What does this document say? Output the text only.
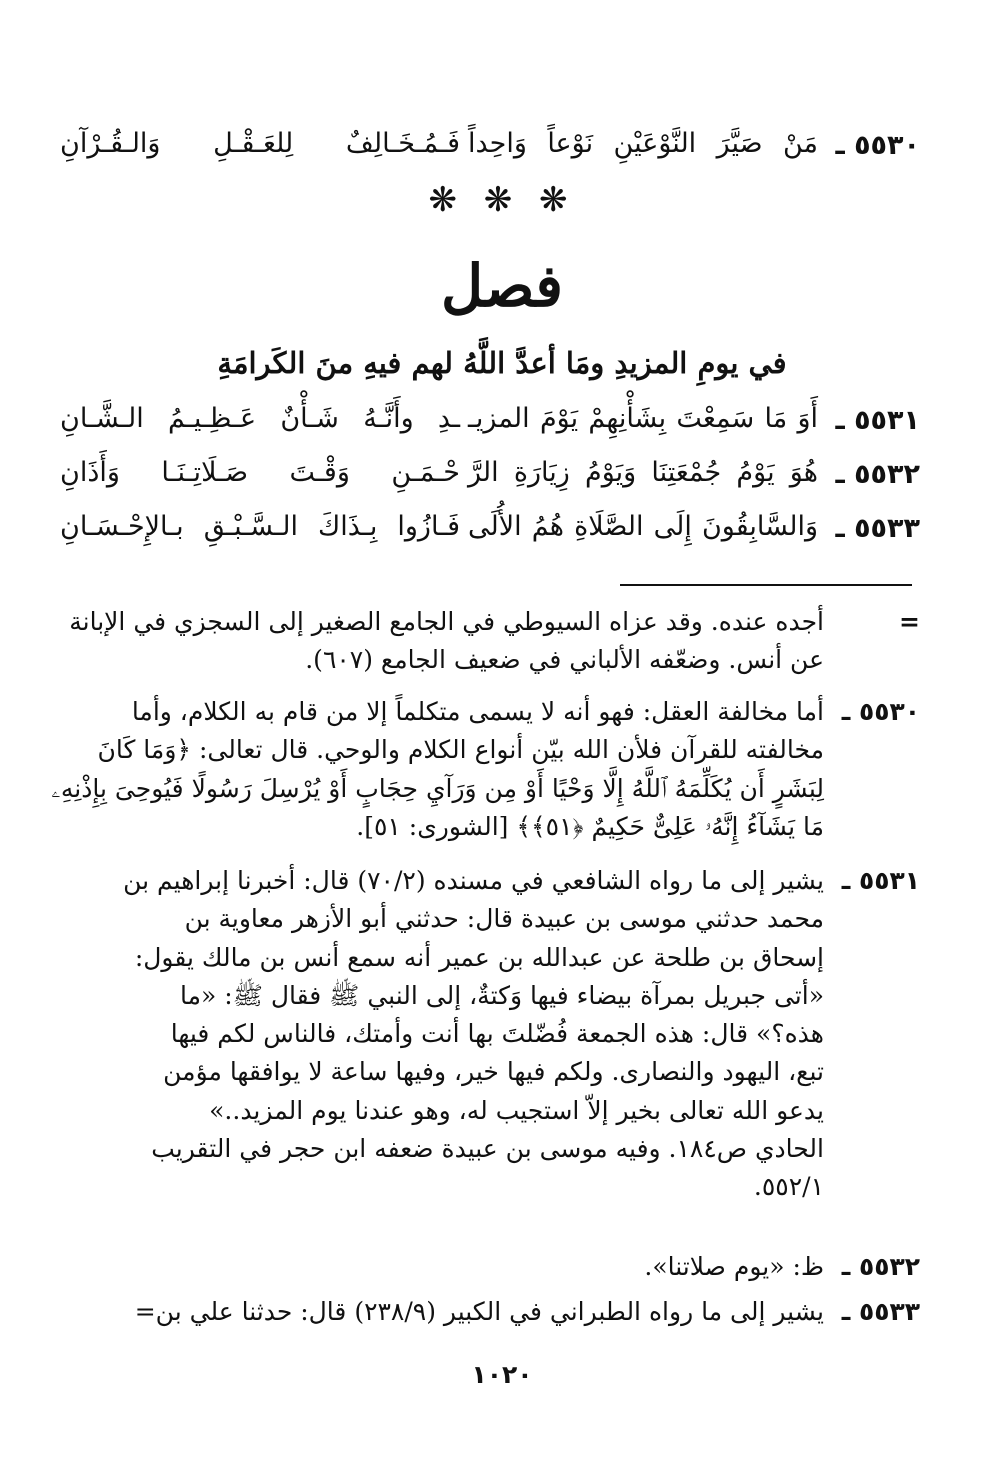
٥٥٣٠ ـ
مَنْ صَيَّرَ النَّوْعَيْنِ نَوْعاً وَاحِداً
فَـمُـخَـالِفٌ لِلعَـقْـلِ وَالـقُـرْآنِ
❋ ❋ ❋
فصل
في يومِ المزيدِ ومَا أعدَّ اللَّهُ لهم فيهِ منَ الكَرامَةِ
٥٥٣١ ـ
أَوَ مَا سَمِعْتَ بِشَأْنِهِمْ يَوْمَ المزيـ
ـدِ وأَنَّـهُ شَـأْنٌ عَـظِـيـمُ الـشَّـانِ
٥٥٣٢ ـ
هُوَ يَوْمُ جُمْعَتِنَا وَيَوْمُ زِيَارَةِ الرَّ
حْـمَـنِ وَقْـتَ صَـلَاتِـنَـا وَأَذَانِ
٥٥٣٣ ـ
وَالسَّابِقُونَ إِلَى الصَّلَاةِ هُمُ الأُلَى
فَـازُوا بِـذَاكَ الـسَّـبْـقِ بـالإِحْـسَـانِ
=
أجده عنده. وقد عزاه السيوطي في الجامع الصغير إلى السجزي في الإبانة
عن أنس. وضعّفه الألباني في ضعيف الجامع (٦٠٧).
٥٥٣٠ ـ
أما مخالفة العقل: فهو أنه لا يسمى متكلماً إلا من قام به الكلام، وأما
مخالفته للقرآن فلأن الله بيّن أنواع الكلام والوحي. قال تعالى: ﴿وَمَا كَانَ
لِبَشَرٍ أَن يُكَلِّمَهُ ٱللَّهُ إِلَّا وَحْيًا أَوْ مِن وَرَآيِ حِجَابٍ أَوْ يُرْسِلَ رَسُولًا فَيُوحِىَ بِإِذْنِهِۦ
مَا يَشَآءُ إِنَّهُۥ عَلِىٌّ حَكِيمٌ ﴿٥١﴾﴾ [الشورى: ٥١].
٥٥٣١ ـ
يشير إلى ما رواه الشافعي في مسنده (٧٠/٢) قال: أخبرنا إبراهيم بن
محمد حدثني موسى بن عبيدة قال: حدثني أبو الأزهر معاوية بن
إسحاق بن طلحة عن عبدالله بن عمير أنه سمع أنس بن مالك يقول:
«أتى جبريل بمرآة بيضاء فيها وَكتةٌ، إلى النبي ﷺ فقال ﷺ: «ما
هذه؟» قال: هذه الجمعة فُضّلتَ بها أنت وأمتك، فالناس لكم فيها
تبع، اليهود والنصارى. ولكم فيها خير، وفيها ساعة لا يوافقها مؤمن
يدعو الله تعالى بخير إلاّ استجيب له، وهو عندنا يوم المزيد..»
الحادي ص١٨٤. وفيه موسى بن عبيدة ضعفه ابن حجر في التقريب
٥٥٢/١.
٥٥٣٢ ـ
ظ: «يوم صلاتنا».
٥٥٣٣ ـ
يشير إلى ما رواه الطبراني في الكبير (٢٣٨/٩) قال: حدثنا علي بن=
١٠٢٠
